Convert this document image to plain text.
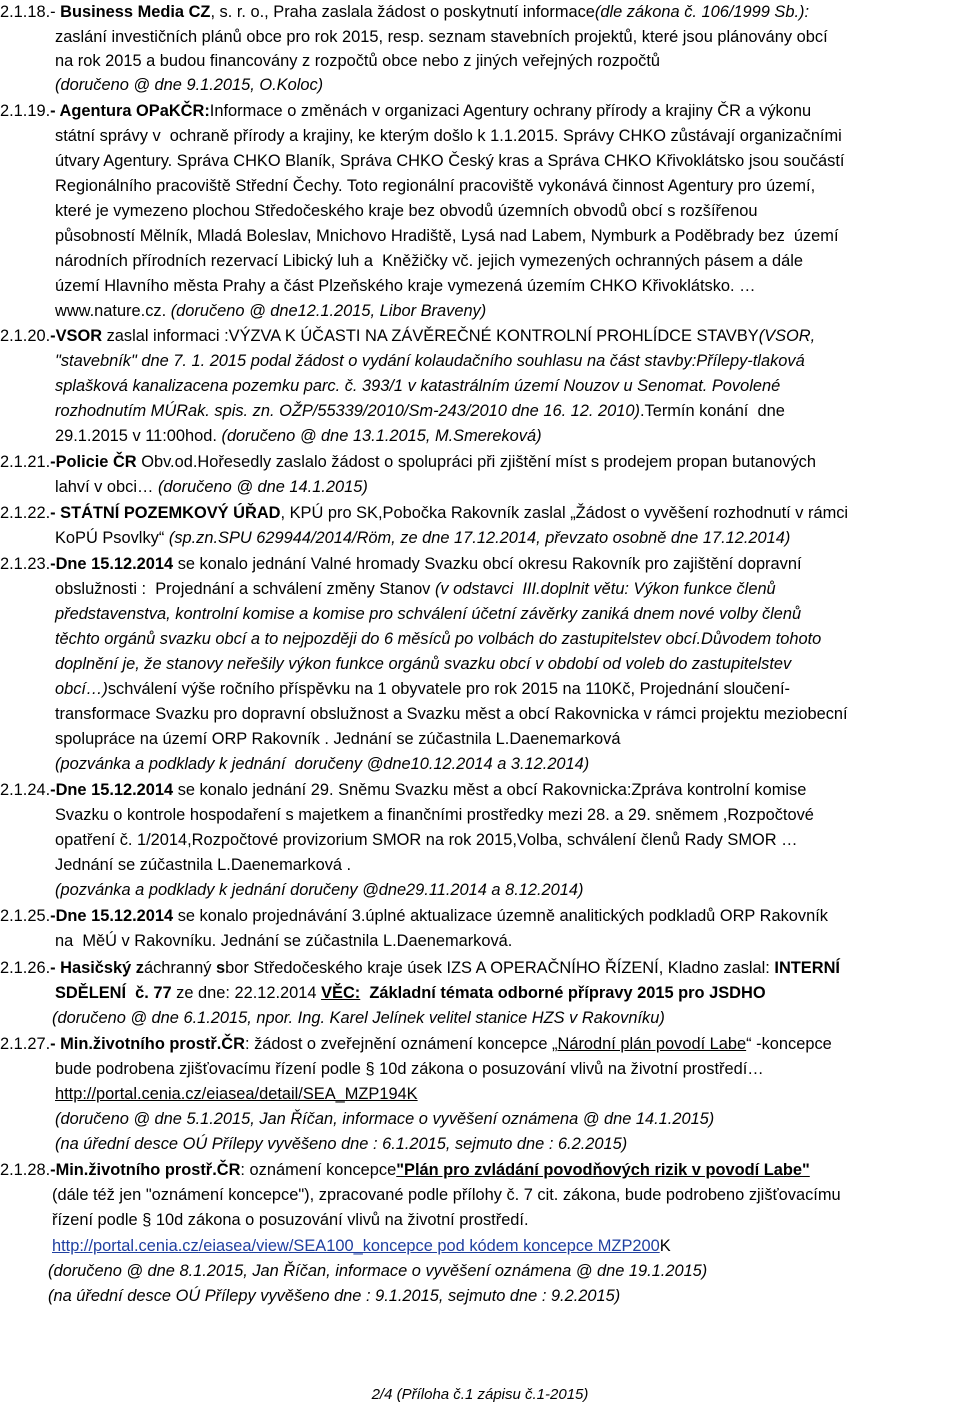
2.1.18.- Business Media CZ, s. r. o., Praha zaslala žádost o poskytnutí informace(dle zákona č. 106/1999 Sb.):
zaslání investičních plánů obce pro rok 2015, resp. seznam stavebních projektů, které jsou plánovány obcí
na rok 2015 a budou financovány z rozpočtů obce nebo z jiných veřejných rozpočtů
(doručeno @ dne 9.1.2015, O.Koloc)
2.1.19.- Agentura OPaKČR:Informace o změnách v organizaci Agentury ochrany přírody a krajiny ČR a výkonu
státní správy v  ochraně přírody a krajiny, ke kterým došlo k 1.1.2015. Správy CHKO zůstávají organizačními
útvary Agentury. Správa CHKO Blaník, Správa CHKO Český kras a Správa CHKO Křivoklátsko jsou součástí
Regionálního pracoviště Střední Čechy. Toto regionální pracoviště vykonává činnost Agentury pro území,
které je vymezeno plochou Středočeského kraje bez obvodů územních obvodů obcí s rozšířenou
působností Mělník, Mladá Boleslav, Mnichovo Hradiště, Lysá nad Labem, Nymburk a Poděbrady bez  území
národních přírodních rezervací Libický luh a  Kněžičky vč. jejich vymezených ochranných pásem a dále
území Hlavního města Prahy a část Plzeňského kraje vymezená územím CHKO Křivoklátsko. …
www.nature.cz. (doručeno @ dne12.1.2015, Libor Braveny)
2.1.20.-VSOR zaslal informaci :VÝZVA K ÚČASTI NA ZÁVĚREČNÉ KONTROLNÍ PROHLÍDCE STAVBY(VSOR,
"stavebník" dne 7. 1. 2015 podal žádost o vydání kolaudačního souhlasu na část stavby:Přílepy-tlaková
splašková kanalizacena pozemku parc. č. 393/1 v katastrálním území Nouzov u Senomat. Povolené
rozhodnutím MÚRak. spis. zn. OŽP/55339/2010/Sm-243/2010 dne 16. 12. 2010).Termín konání  dne
29.1.2015 v 11:00hod. (doručeno @ dne 13.1.2015, M.Smereková)
2.1.21.-Policie ČR Obv.od.Hořesedly zaslalo žádost o spolupráci při zjištění míst s prodejem propan butanových
lahví v obci… (doručeno @ dne 14.1.2015)
2.1.22.- STÁTNÍ POZEMKOVÝ ÚŘAD, KPÚ pro SK,Pobočka Rakovník zaslal „Žádost o vyvěšení rozhodnutí v rámci
KoPÚ Psovlky“ (sp.zn.SPU 629944/2014/Röm, ze dne 17.12.2014, převzato osobně dne 17.12.2014)
2.1.23.-Dne 15.12.2014 se konalo jednání Valné hromady Svazku obcí okresu Rakovník pro zajištění dopravní
obslužnosti :  Projednání a schválení změny Stanov (v odstavci  III.doplnit větu: Výkon funkce členů
představenstva, kontrolní komise a komise pro schválení účetní závěrky zaniká dnem nové volby členů
těchto orgánů svazku obcí a to nejpozději do 6 měsíců po volbách do zastupitelstev obcí.Důvodem tohoto
doplnění je, že stanovy neřešily výkon funkce orgánů svazku obcí v období od voleb do zastupitelstev
obcí…)schválení výše ročního příspěvku na 1 obyvatele pro rok 2015 na 110Kč, Projednání sloučení-
transformace Svazku pro dopravní obslužnost a Svazku měst a obcí Rakovnicka v rámci projektu meziobecní
spolupráce na území ORP Rakovník . Jednání se zúčastnila L.Daenemarková
(pozvánka a podklady k jednání  doručeny @dne10.12.2014 a 3.12.2014)
2.1.24.-Dne 15.12.2014 se konalo jednání 29. Sněmu Svazku měst a obcí Rakovnicka:Zpráva kontrolní komise
Svazku o kontrole hospodaření s majetkem a finančními prostředky mezi 28. a 29. sněmem ,Rozpočtové
opatření č. 1/2014,Rozpočtové provizorium SMOR na rok 2015,Volba, schválení členů Rady SMOR …
Jednání se zúčastnila L.Daenemarková .
(pozvánka a podklady k jednání doručeny @dne29.11.2014 a 8.12.2014)
2.1.25.-Dne 15.12.2014 se konalo projednávání 3.úplné aktualizace územně analitických podkladů ORP Rakovník
na  MěÚ v Rakovníku. Jednání se zúčastnila L.Daenemarková.
2.1.26.- Hasičský záchranný sbor Středočeského kraje úsek IZS A OPERAČNÍHO ŘÍZENÍ, Kladno zaslal: INTERNÍ
SDĚLENÍ  č. 77 ze dne: 22.12.2014 VĚC:  Základní témata odborné přípravy 2015 pro JSDHO
(doručeno @ dne 6.1.2015, npor. Ing. Karel Jelínek velitel stanice HZS v Rakovníku)
2.1.27.- Min.životního prostř.ČR: žádost o zveřejnění oznámení koncepce „Národní plán povodí Labe“ -koncepce
bude podrobena zjišťovacímu řízení podle § 10d zákona o posuzování vlivů na životní prostředí…
http://portal.cenia.cz/eiasea/detail/SEA_MZP194K
(doručeno @ dne 5.1.2015, Jan Říčan, informace o vyvěšení oznámena @ dne 14.1.2015)
(na úřední desce OÚ Přílepy vyvěšeno dne : 6.1.2015, sejmuto dne : 6.2.2015)
2.1.28.-Min.životního prostř.ČR: oznámení koncepce"Plán pro zvládání povodňových rizik v povodí Labe"
(dále též jen "oznámení koncepce"), zpracované podle přílohy č. 7 cit. zákona, bude podrobeno zjišťovacímu
řízení podle § 10d zákona o posuzování vlivů na životní prostředí.
http://portal.cenia.cz/eiasea/view/SEA100_koncepce pod kódem koncepce MZP200K
(doručeno @ dne 8.1.2015, Jan Říčan, informace o vyvěšení oznámena @ dne 19.1.2015)
(na úřední desce OÚ Přílepy vyvěšeno dne : 9.1.2015, sejmuto dne : 9.2.2015)
2/4 (Příloha č.1 zápisu č.1-2015)
